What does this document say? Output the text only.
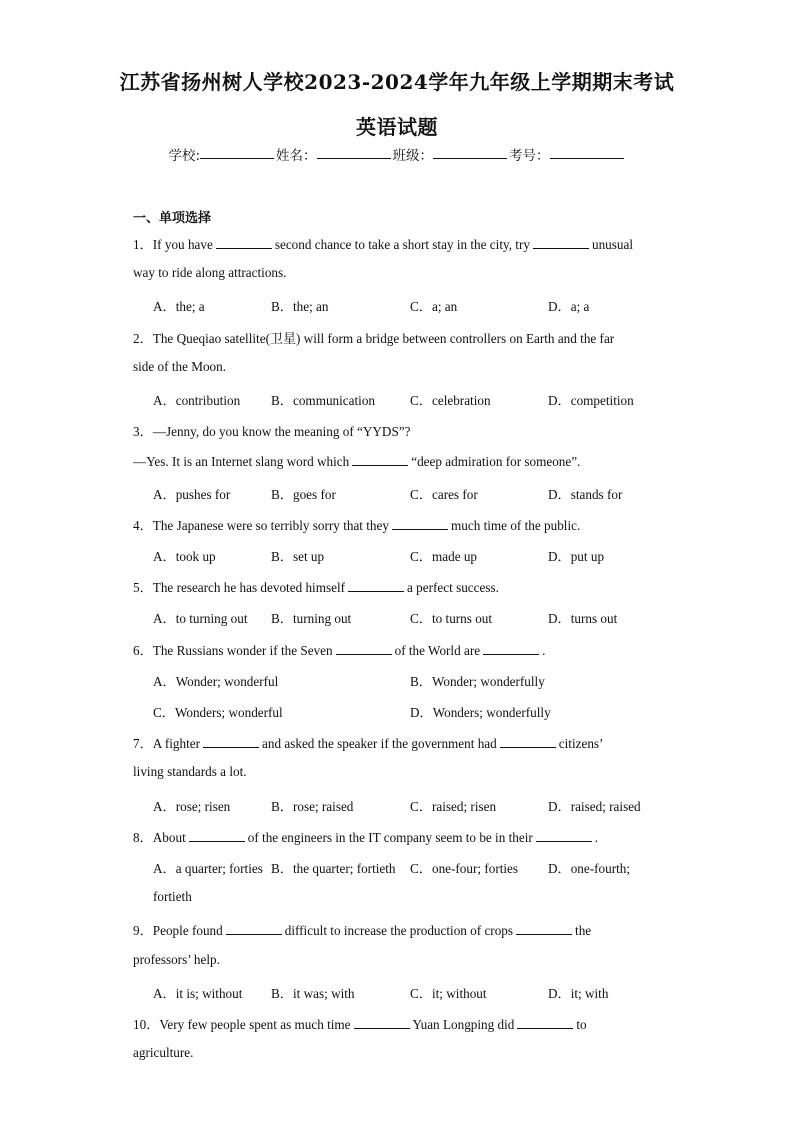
江苏省扬州树人学校2023-2024学年九年级上学期期末考试
英语试题
学校:	姓名：	班级：	考号：
一、单项选择
1．If you have	second chance to take a short stay in the city, try	unusual
way to ride along attractions.
A．the; a	B．the; an	C．a; an	D．a; a
2．The Queqiao satellite(卫星) will form a bridge between controllers on Earth and the far
side of the Moon.
A．contribution B．communication	C．celebration	D．competition
3．—Jenny, do you know the meaning of “YYDS”?
—Yes. It is an Internet slang word which	“deep admiration for someone”.
A．pushes for	B．goes for	C．cares for	D．stands for
4．The Japanese were so terribly sorry that they	much time of the public.
A．took up	B．set up	C．made up	D．put up
5．The research he has devoted himself	a perfect success.
A．to turning out B．turning out	C．to turns out	D．turns out
6．The Russians wonder if the Seven	of the World are	.
A．Wonder; wonderful	B．Wonder; wonderfully
C．Wonders; wonderful	D．Wonders; wonderfully
7．A fighter	and asked the speaker if the government had	citizens’
living standards a lot.
A．rose; risen	B．rose; raised	C．raised; risen	D．raised; raised
8．About	of the engineers in the IT company seem to be in their	.
A．a quarter; forties B．the quarter; fortieth C．one-four; forties D．one-fourth;
fortieth
9．People found	difficult to increase the production of crops	the
professors’ help.
A．it is; without B．it was; with	C．it; without	D．it; with
10．Very few people spent as much time	Yuan Longping did	to
agriculture.
